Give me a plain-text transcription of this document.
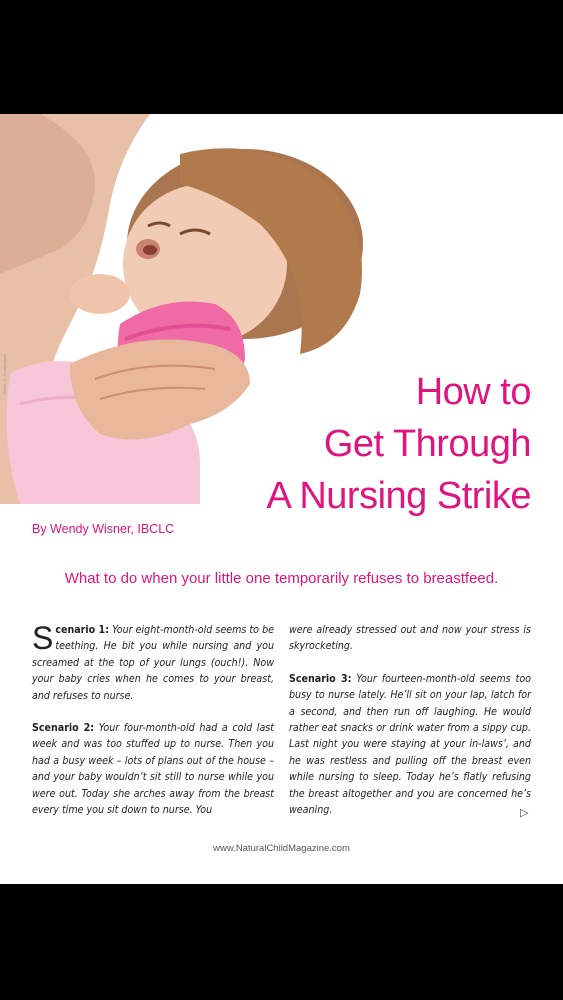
Photo © Shutterstock	How to
Get Through
A Nursing Strike
By Wendy Wisner, IBCLC
What to do when your little one temporarily refuses to breastfeed.

Scenario 1: Your eight-month-old seems to be teething. He bit you while nursing and you screamed at the top of your lungs (ouch!). Now your baby cries when he comes to your breast, and refuses to nurse.

Scenario 2: Your four-month-old had a cold last week and was too stuffed up to nurse. Then you had a busy week – lots of plans out of the house – and your baby wouldn’t sit still to nurse while you were out. Today she arches away from the breast every time you sit down to nurse. You

were already stressed out and now your stress is skyrocketing.

Scenario 3: Your fourteen-month-old seems too busy to nurse lately. He’ll sit on your lap, latch for a second, and then run off laughing. He would rather eat snacks or drink water from a sippy cup. Last night you were staying at your in-laws’, and he was restless and pulling off the breast even while nursing to sleep. Today he’s flatly refusing the breast altogether and you are concerned he’s weaning.	▷
www.NaturalChildMagazine.com
